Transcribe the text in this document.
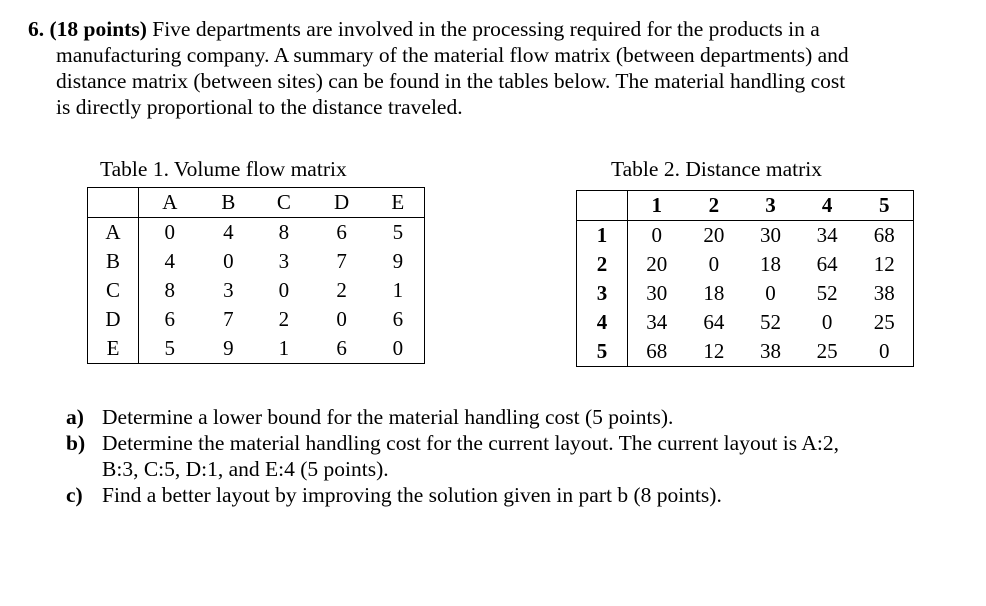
6. (18 points) Five departments are involved in the processing required for the products in a
manufacturing company. A summary of the material flow matrix (between departments) and
distance matrix (between sites) can be found in the tables below. The material handling cost
is directly proportional to the distance traveled.
Table 1. Volume flow matrix	Table 2. Distance matrix
	A	B	C	D	E
A	0	4	8	6	5
B	4	0	3	7	9
C	8	3	0	2	1
D	6	7	2	0	6
E	5	9	1	6	0
	1	2	3	4	5
1	0	20	30	34	68
2	20	0	18	64	12
3	30	18	0	52	38
4	34	64	52	0	25
5	68	12	38	25	0
a) Determine a lower bound for the material handling cost (5 points).
b) Determine the material handling cost for the current layout. The current layout is A:2,
B:3, C:5, D:1, and E:4 (5 points).
c) Find a better layout by improving the solution given in part b (8 points).
